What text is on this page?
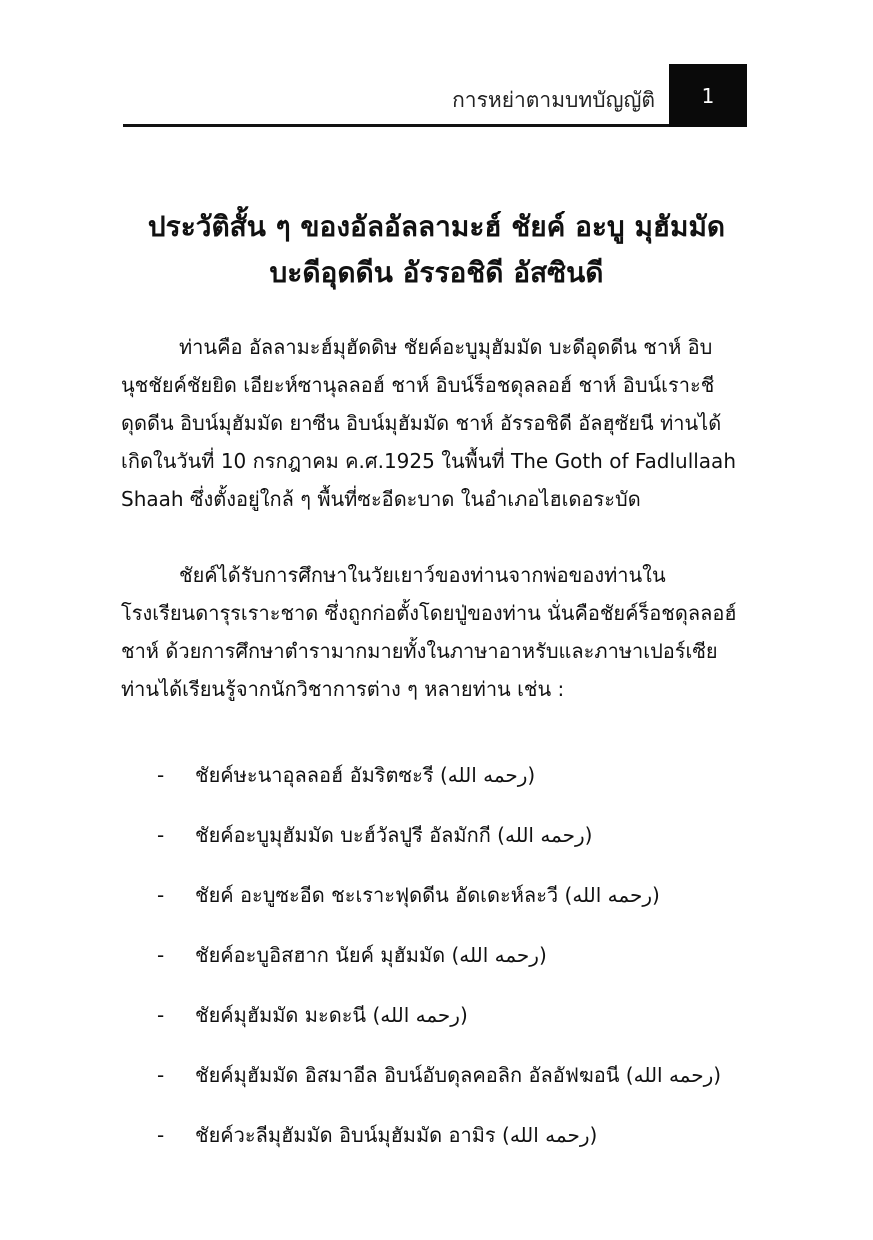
การหย่าตามบทบัญญัติ 1
ประวัติสั้น ๆ ของอัลอัลลามะฮ์ ชัยค์ อะบู มุฮัมมัด
บะดีอุดดีน อัรรอชิดี อัสซินดี

ท่านคือ อัลลามะฮ์มุฮัดดิษ ชัยค์อะบูมุฮัมมัด บะดีอุดดีน ชาห์ อิบ
นุชชัยค์ชัยยิด เอียะห์ซานุลลอฮ์ ชาห์ อิบน์ร็อชดุลลอฮ์ ชาห์ อิบน์เราะชี
ดุดดีน อิบน์มุฮัมมัด ยาซีน อิบน์มุฮัมมัด ชาห์ อัรรอชิดี อัลฮุซัยนี ท่านได้
เกิดในวันที่ 10 กรกฎาคม ค.ศ.1925 ในพื้นที่ The Goth of Fadlullaah
Shaah ซึ่งตั้งอยู่ใกล้ ๆ พื้นที่ซะอีดะบาด ในอำเภอไฮเดอระบัด

ชัยค์ได้รับการศึกษาในวัยเยาว์ของท่านจากพ่อของท่านใน
โรงเรียนดารุรเราะชาด ซึ่งถูกก่อตั้งโดยปู่ของท่าน นั่นคือชัยค์ร็อชดุลลอฮ์
ชาห์ ด้วยการศึกษาตำรามากมายทั้งในภาษาอาหรับและภาษาเปอร์เซีย
ท่านได้เรียนรู้จากนักวิชาการต่าง ๆ หลายท่าน เช่น :

-	ชัยค์ษะนาอุลลอฮ์ อัมริตซะรี (رحمه الله)
-	ชัยค์อะบูมุฮัมมัด บะฮ์วัลปูรี อัลมักกี (رحمه الله)
-	ชัยค์ อะบูซะอีด ชะเราะฟุดดีน อัดเดะห์ละวี (رحمه الله)
-	ชัยค์อะบูอิสฮาก นัยค์ มุฮัมมัด (رحمه الله)
-	ชัยค์มุฮัมมัด มะดะนี (رحمه الله)
-	ชัยค์มุฮัมมัด อิสมาอีล อิบน์อับดุลคอลิก อัลอัฟฆอนี (رحمه الله)
-	ชัยค์วะลีมุฮัมมัด อิบน์มุฮัมมัด อามิร (رحمه الله)
